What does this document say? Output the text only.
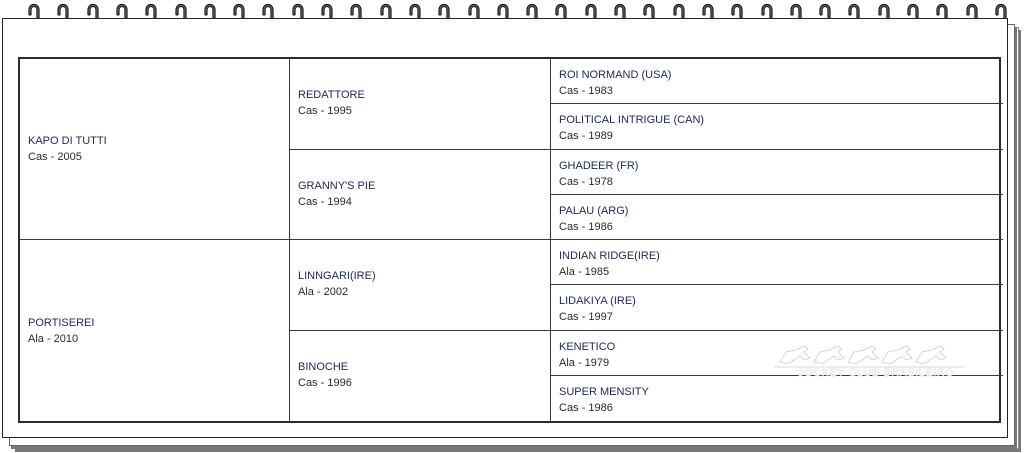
KAPO DI TUTTI
Cas - 2005
REDATTORE
Cas - 1995
ROI NORMAND (USA)
Cas - 1983
POLITICAL INTRIGUE (CAN)
Cas - 1989
GRANNY'S PIE
Cas - 1994
GHADEER (FR)
Cas - 1978
PALAU (ARG)
Cas - 1986
PORTISEREI
Ala - 2010
LINNGARI(IRE)
Ala - 2002
INDIAN RIDGE(IRE)
Ala - 1985
LIDAKIYA (IRE)
Cas - 1997
BINOCHE
Cas - 1996
KENETICO
Ala - 1979
SUPER MENSITY
Cas - 1986
JOCKEY CLUB BRASILEIRO
